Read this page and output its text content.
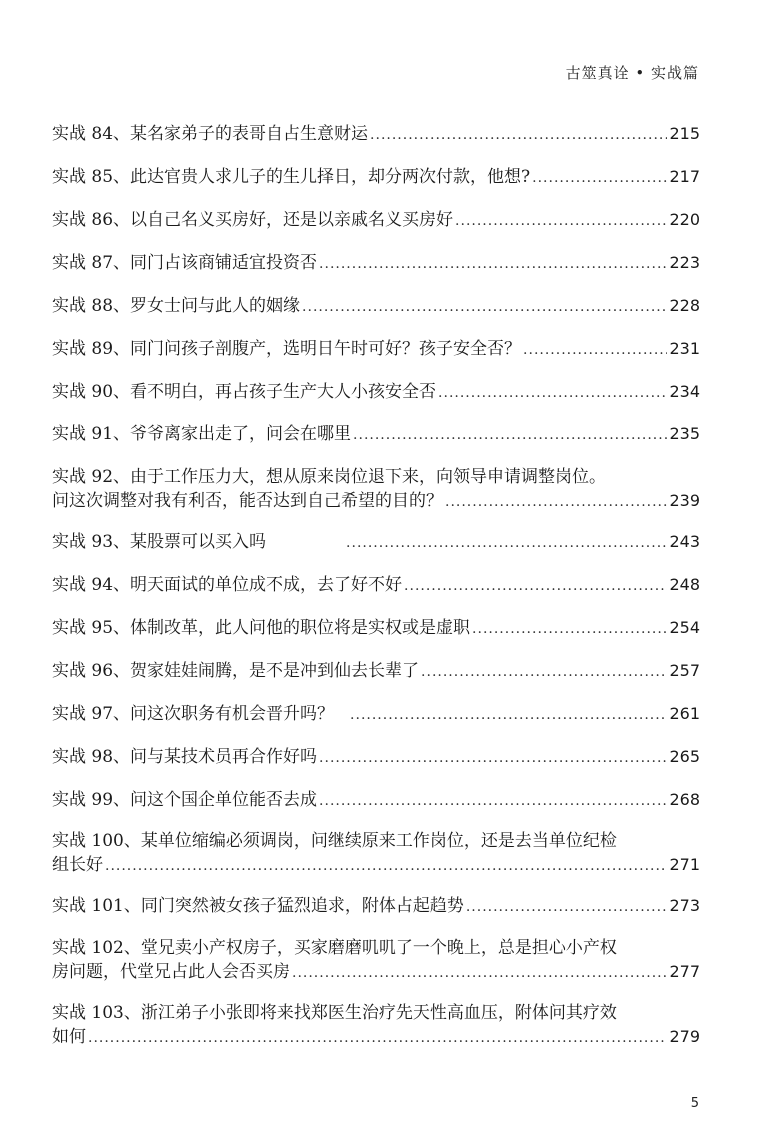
古筮真诠 • 实战篇
实战 84、某名家弟子的表哥自占生意财运 .....	215
实战 85、此达官贵人求儿子的生儿择日，却分两次付款，他想? .....	217
实战 86、以自己名义买房好，还是以亲戚名义买房好 .....	220
实战 87、同门占该商铺适宜投资否 .....	223
实战 88、罗女士问与此人的姻缘 .....	228
实战 89、同门问孩子剖腹产，选明日午时可好？孩子安全否？ .....	231
实战 90、看不明白，再占孩子生产大人小孩安全否 .....	234
实战 91、爷爷离家出走了，问会在哪里 .....	235
实战 92、由于工作压力大，想从原来岗位退下来，向领导申请调整岗位。
问这次调整对我有利否，能否达到自己希望的目的？ .....	239
实战 93、某股票可以买入吗 .....	243
实战 94、明天面试的单位成不成，去了好不好 .....	248
实战 95、体制改革，此人问他的职位将是实权或是虚职 .....	254
实战 96、贺家娃娃闹腾，是不是冲到仙去长辈了 .....	257
实战 97、问这次职务有机会晋升吗？ .....	261
实战 98、问与某技术员再合作好吗 .....	265
实战 99、问这个国企单位能否去成 .....	268
实战 100、某单位缩编必须调岗，问继续原来工作岗位，还是去当单位纪检
组长好 .....	271
实战 101、同门突然被女孩子猛烈追求，附体占起趋势 .....	273
实战 102、堂兄卖小产权房子，买家磨磨叽叽了一个晚上，总是担心小产权
房问题，代堂兄占此人会否买房 .....	277
实战 103、浙江弟子小张即将来找郑医生治疗先天性高血压，附体问其疗效
如何 .....	279
5
